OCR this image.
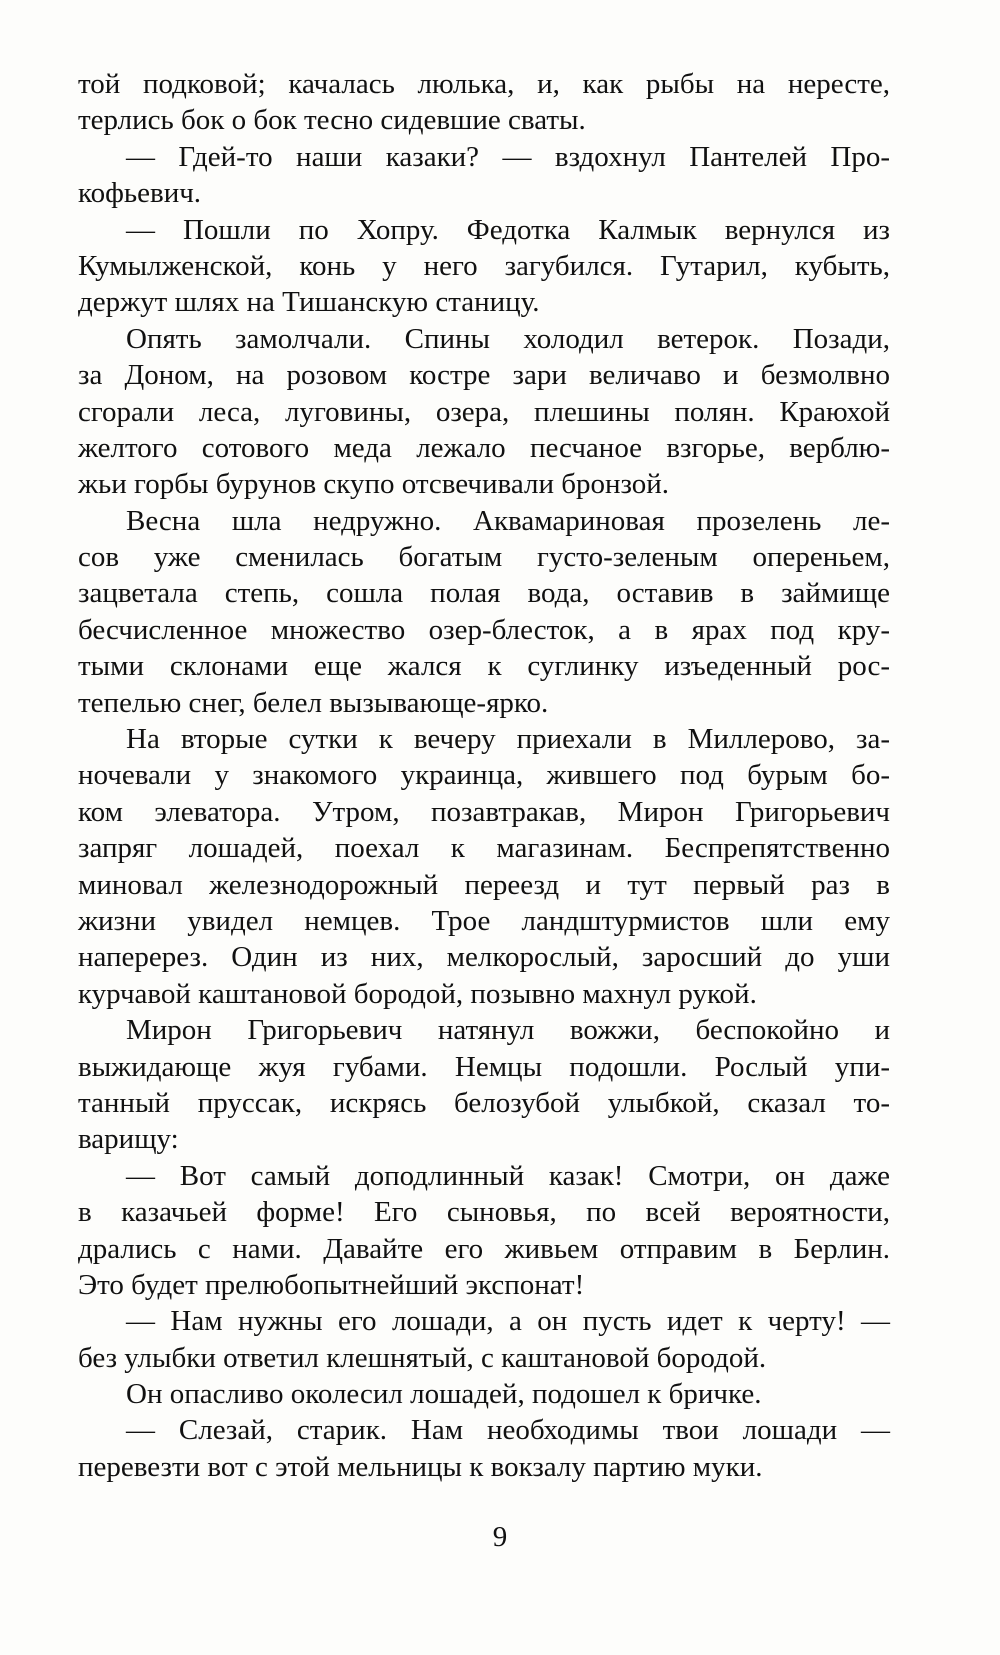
той подковой; качалась люлька, и, как рыбы на нересте,
терлись бок о бок тесно сидевшие сваты.
— Гдей-то наши казаки? — вздохнул Пантелей Про-
кофьевич.
— Пошли по Хопру. Федотка Калмык вернулся из
Кумылженской, конь у него загубился. Гутарил, кубыть,
держут шлях на Тишанскую станицу.
Опять замолчали. Спины холодил ветерок. Позади,
за Доном, на розовом костре зари величаво и безмолвно
сгорали леса, луговины, озера, плешины полян. Краюхой
желтого сотового меда лежало песчаное взгорье, верблю-
жьи горбы бурунов скупо отсвечивали бронзой.
Весна шла недружно. Аквамариновая прозелень ле-
сов уже сменилась богатым густо-зеленым опереньем,
зацветала степь, сошла полая вода, оставив в займище
бесчисленное множество озер-блесток, а в ярах под кру-
тыми склонами еще жался к суглинку изъеденный рос-
тепелью снег, белел вызывающе-ярко.
На вторые сутки к вечеру приехали в Миллерово, за-
ночевали у знакомого украинца, жившего под бурым бо-
ком элеватора. Утром, позавтракав, Мирон Григорьевич
запряг лошадей, поехал к магазинам. Беспрепятственно
миновал железнодорожный переезд и тут первый раз в
жизни увидел немцев. Трое ландштурмистов шли ему
наперерез. Один из них, мелкорослый, заросший до уши
курчавой каштановой бородой, позывно махнул рукой.
Мирон Григорьевич натянул вожжи, беспокойно и
выжидающе жуя губами. Немцы подошли. Рослый упи-
танный пруссак, искрясь белозубой улыбкой, сказал то-
варищу:
— Вот самый доподлинный казак! Смотри, он даже
в казачьей форме! Его сыновья, по всей вероятности,
дрались с нами. Давайте его живьем отправим в Берлин.
Это будет прелюбопытнейший экспонат!
— Нам нужны его лошади, а он пусть идет к черту! —
без улыбки ответил клешнятый, с каштановой бородой.
Он опасливо околесил лошадей, подошел к бричке.
— Слезай, старик. Нам необходимы твои лошади —
перевезти вот с этой мельницы к вокзалу партию муки.
9
